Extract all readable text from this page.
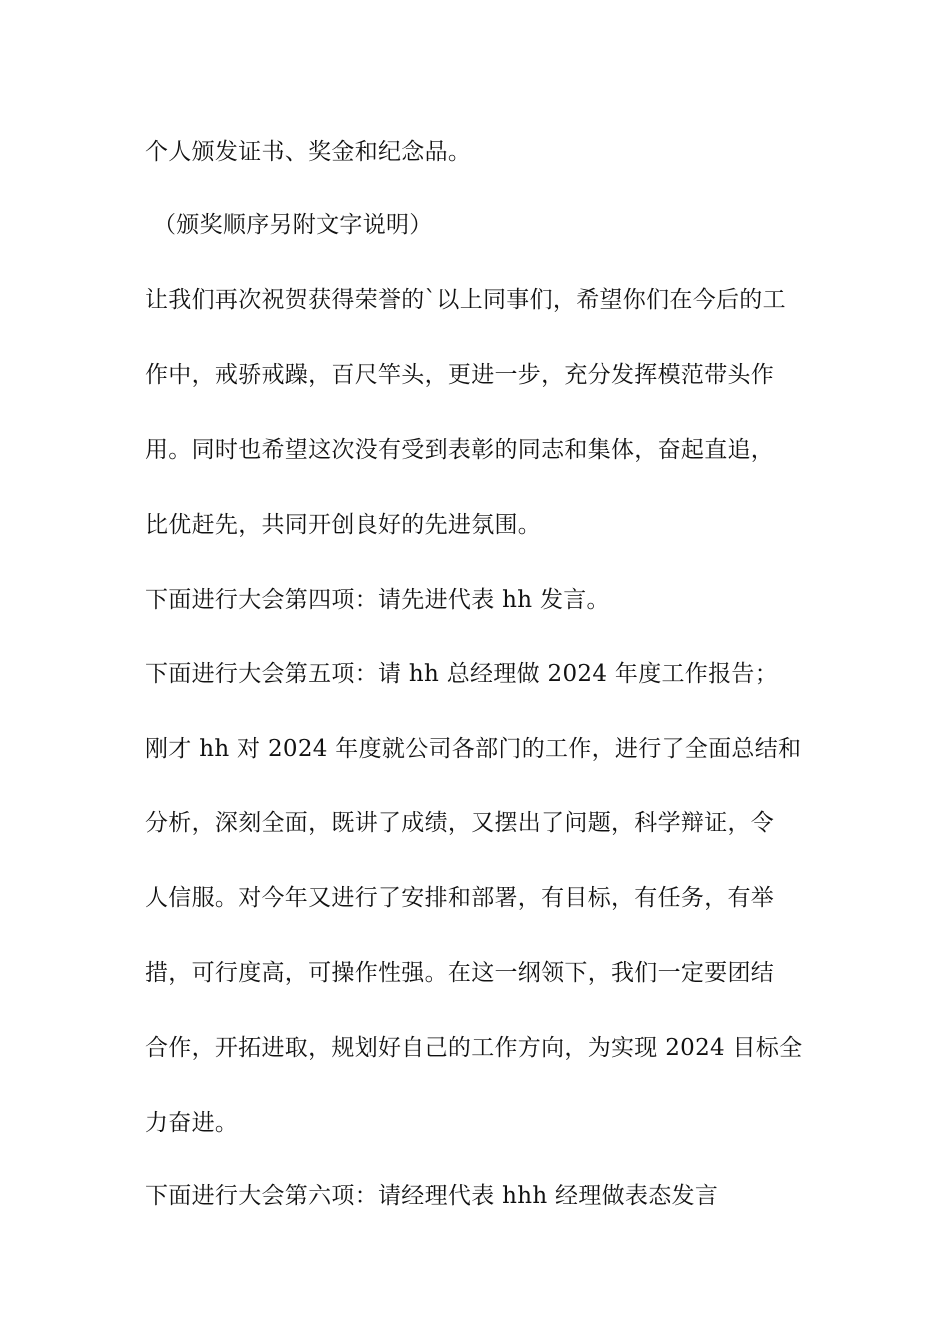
个人颁发证书、奖金和纪念品。
（颁奖顺序另附文字说明）
让我们再次祝贺获得荣誉的`以上同事们，希望你们在今后的工
作中，戒骄戒躁，百尺竿头，更进一步，充分发挥模范带头作
用。同时也希望这次没有受到表彰的同志和集体，奋起直追，
比优赶先，共同开创良好的先进氛围。
下面进行大会第四项：请先进代表 hh 发言。
下面进行大会第五项：请 hh 总经理做 2024 年度工作报告；
刚才 hh 对 2024 年度就公司各部门的工作，进行了全面总结和
分析，深刻全面，既讲了成绩，又摆出了问题，科学辩证，令
人信服。对今年又进行了安排和部署，有目标，有任务，有举
措，可行度高，可操作性强。在这一纲领下，我们一定要团结
合作，开拓进取，规划好自己的工作方向，为实现 2024 目标全
力奋进。
下面进行大会第六项：请经理代表 hhh 经理做表态发言
